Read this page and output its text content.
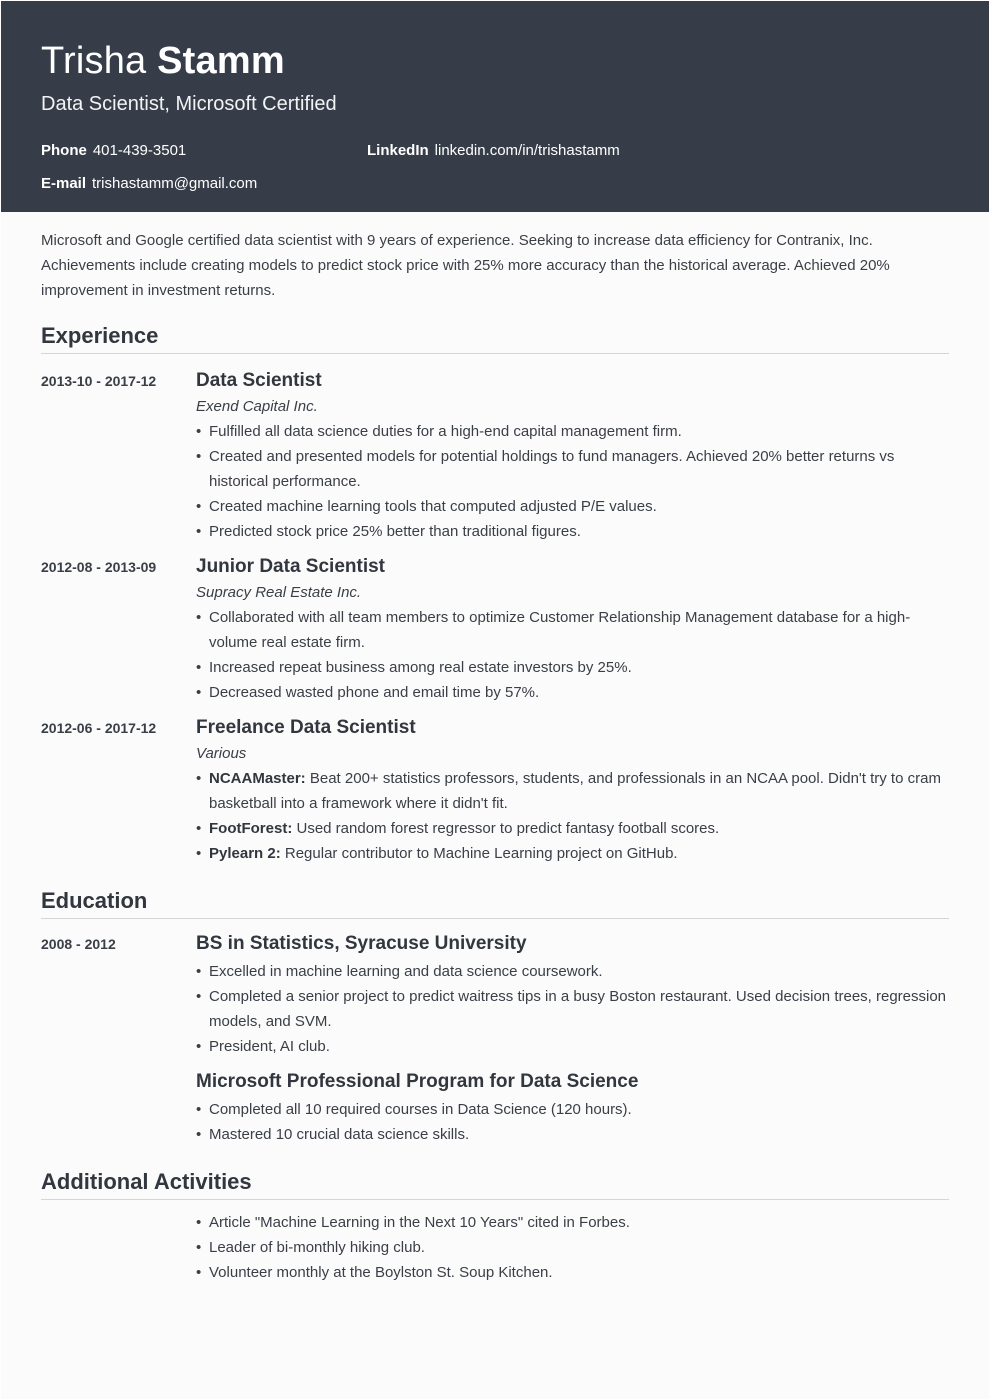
Trisha Stamm
Data Scientist, Microsoft Certified
Phone 401-439-3501	LinkedIn linkedin.com/in/trishastamm
E-mail trishastamm@gmail.com

Microsoft and Google certified data scientist with 9 years of experience. Seeking to increase data efficiency for Contranix, Inc. Achievements include creating models to predict stock price with 25% more accuracy than the historical average. Achieved 20% improvement in investment returns.

Experience
2013-10 - 2017-12	Data Scientist
Exend Capital Inc.
• Fulfilled all data science duties for a high-end capital management firm.
• Created and presented models for potential holdings to fund managers. Achieved 20% better returns vs historical performance.
• Created machine learning tools that computed adjusted P/E values.
• Predicted stock price 25% better than traditional figures.
2012-08 - 2013-09	Junior Data Scientist
Supracy Real Estate Inc.
• Collaborated with all team members to optimize Customer Relationship Management database for a high-volume real estate firm.
• Increased repeat business among real estate investors by 25%.
• Decreased wasted phone and email time by 57%.
2012-06 - 2017-12	Freelance Data Scientist
Various
• NCAAMaster: Beat 200+ statistics professors, students, and professionals in an NCAA pool. Didn't try to cram basketball into a framework where it didn't fit.
• FootForest: Used random forest regressor to predict fantasy football scores.
• Pylearn 2: Regular contributor to Machine Learning project on GitHub.
Education
2008 - 2012	BS in Statistics, Syracuse University
• Excelled in machine learning and data science coursework.
• Completed a senior project to predict waitress tips in a busy Boston restaurant. Used decision trees, regression models, and SVM.
• President, AI club.
Microsoft Professional Program for Data Science
• Completed all 10 required courses in Data Science (120 hours).
• Mastered 10 crucial data science skills.
Additional Activities
• Article "Machine Learning in the Next 10 Years" cited in Forbes.
• Leader of bi-monthly hiking club.
• Volunteer monthly at the Boylston St. Soup Kitchen.
